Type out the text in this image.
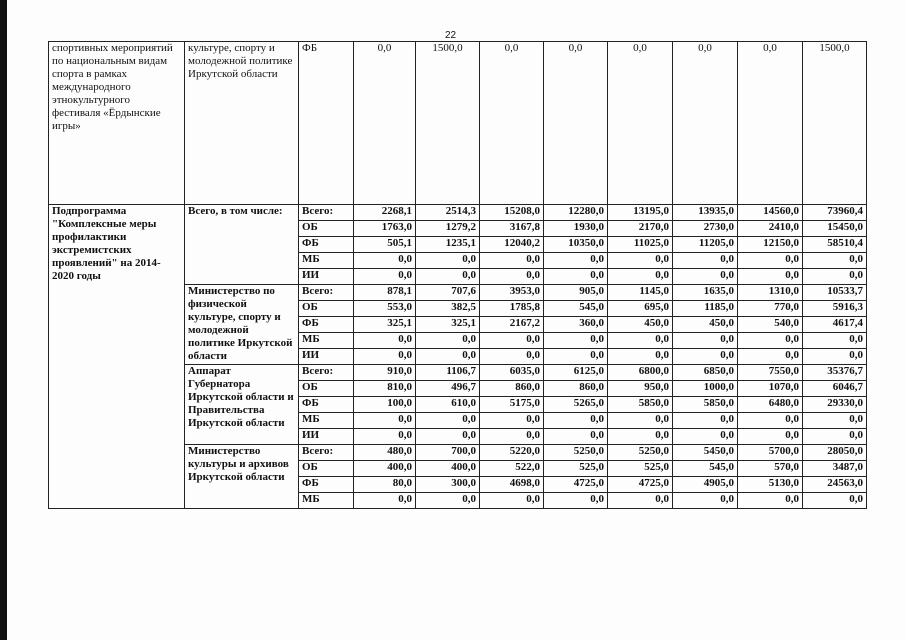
22
спортивных мероприятий по национальным видам спорта в рамках международного этнокультурного фестиваля «Ёрдынские игры»	культуре, спорту и молодежной политике Иркутской области	ФБ	0,0	1500,0	0,0	0,0	0,0	0,0	0,0	1500,0
Подпрограмма "Комплексные меры профилактики экстремистских проявлений" на 2014-2020 годы	Всего, в том числе:	Всего:	2268,1	2514,3	15208,0	12280,0	13195,0	13935,0	14560,0	73960,4
		ОБ	1763,0	1279,2	3167,8	1930,0	2170,0	2730,0	2410,0	15450,0
		ФБ	505,1	1235,1	12040,2	10350,0	11025,0	11205,0	12150,0	58510,4
		МБ	0,0	0,0	0,0	0,0	0,0	0,0	0,0	0,0
		ИИ	0,0	0,0	0,0	0,0	0,0	0,0	0,0	0,0
	Министерство по физической культуре, спорту и молодежной политике Иркутской области	Всего:	878,1	707,6	3953,0	905,0	1145,0	1635,0	1310,0	10533,7
		ОБ	553,0	382,5	1785,8	545,0	695,0	1185,0	770,0	5916,3
		ФБ	325,1	325,1	2167,2	360,0	450,0	450,0	540,0	4617,4
		МБ	0,0	0,0	0,0	0,0	0,0	0,0	0,0	0,0
		ИИ	0,0	0,0	0,0	0,0	0,0	0,0	0,0	0,0
	Аппарат Губернатора Иркутской области и Правительства Иркутской области	Всего:	910,0	1106,7	6035,0	6125,0	6800,0	6850,0	7550,0	35376,7
		ОБ	810,0	496,7	860,0	860,0	950,0	1000,0	1070,0	6046,7
		ФБ	100,0	610,0	5175,0	5265,0	5850,0	5850,0	6480,0	29330,0
		МБ	0,0	0,0	0,0	0,0	0,0	0,0	0,0	0,0
		ИИ	0,0	0,0	0,0	0,0	0,0	0,0	0,0	0,0
	Министерство культуры и архивов Иркутской области	Всего:	480,0	700,0	5220,0	5250,0	5250,0	5450,0	5700,0	28050,0
		ОБ	400,0	400,0	522,0	525,0	525,0	545,0	570,0	3487,0
		ФБ	80,0	300,0	4698,0	4725,0	4725,0	4905,0	5130,0	24563,0
		МБ	0,0	0,0	0,0	0,0	0,0	0,0	0,0	0,0
